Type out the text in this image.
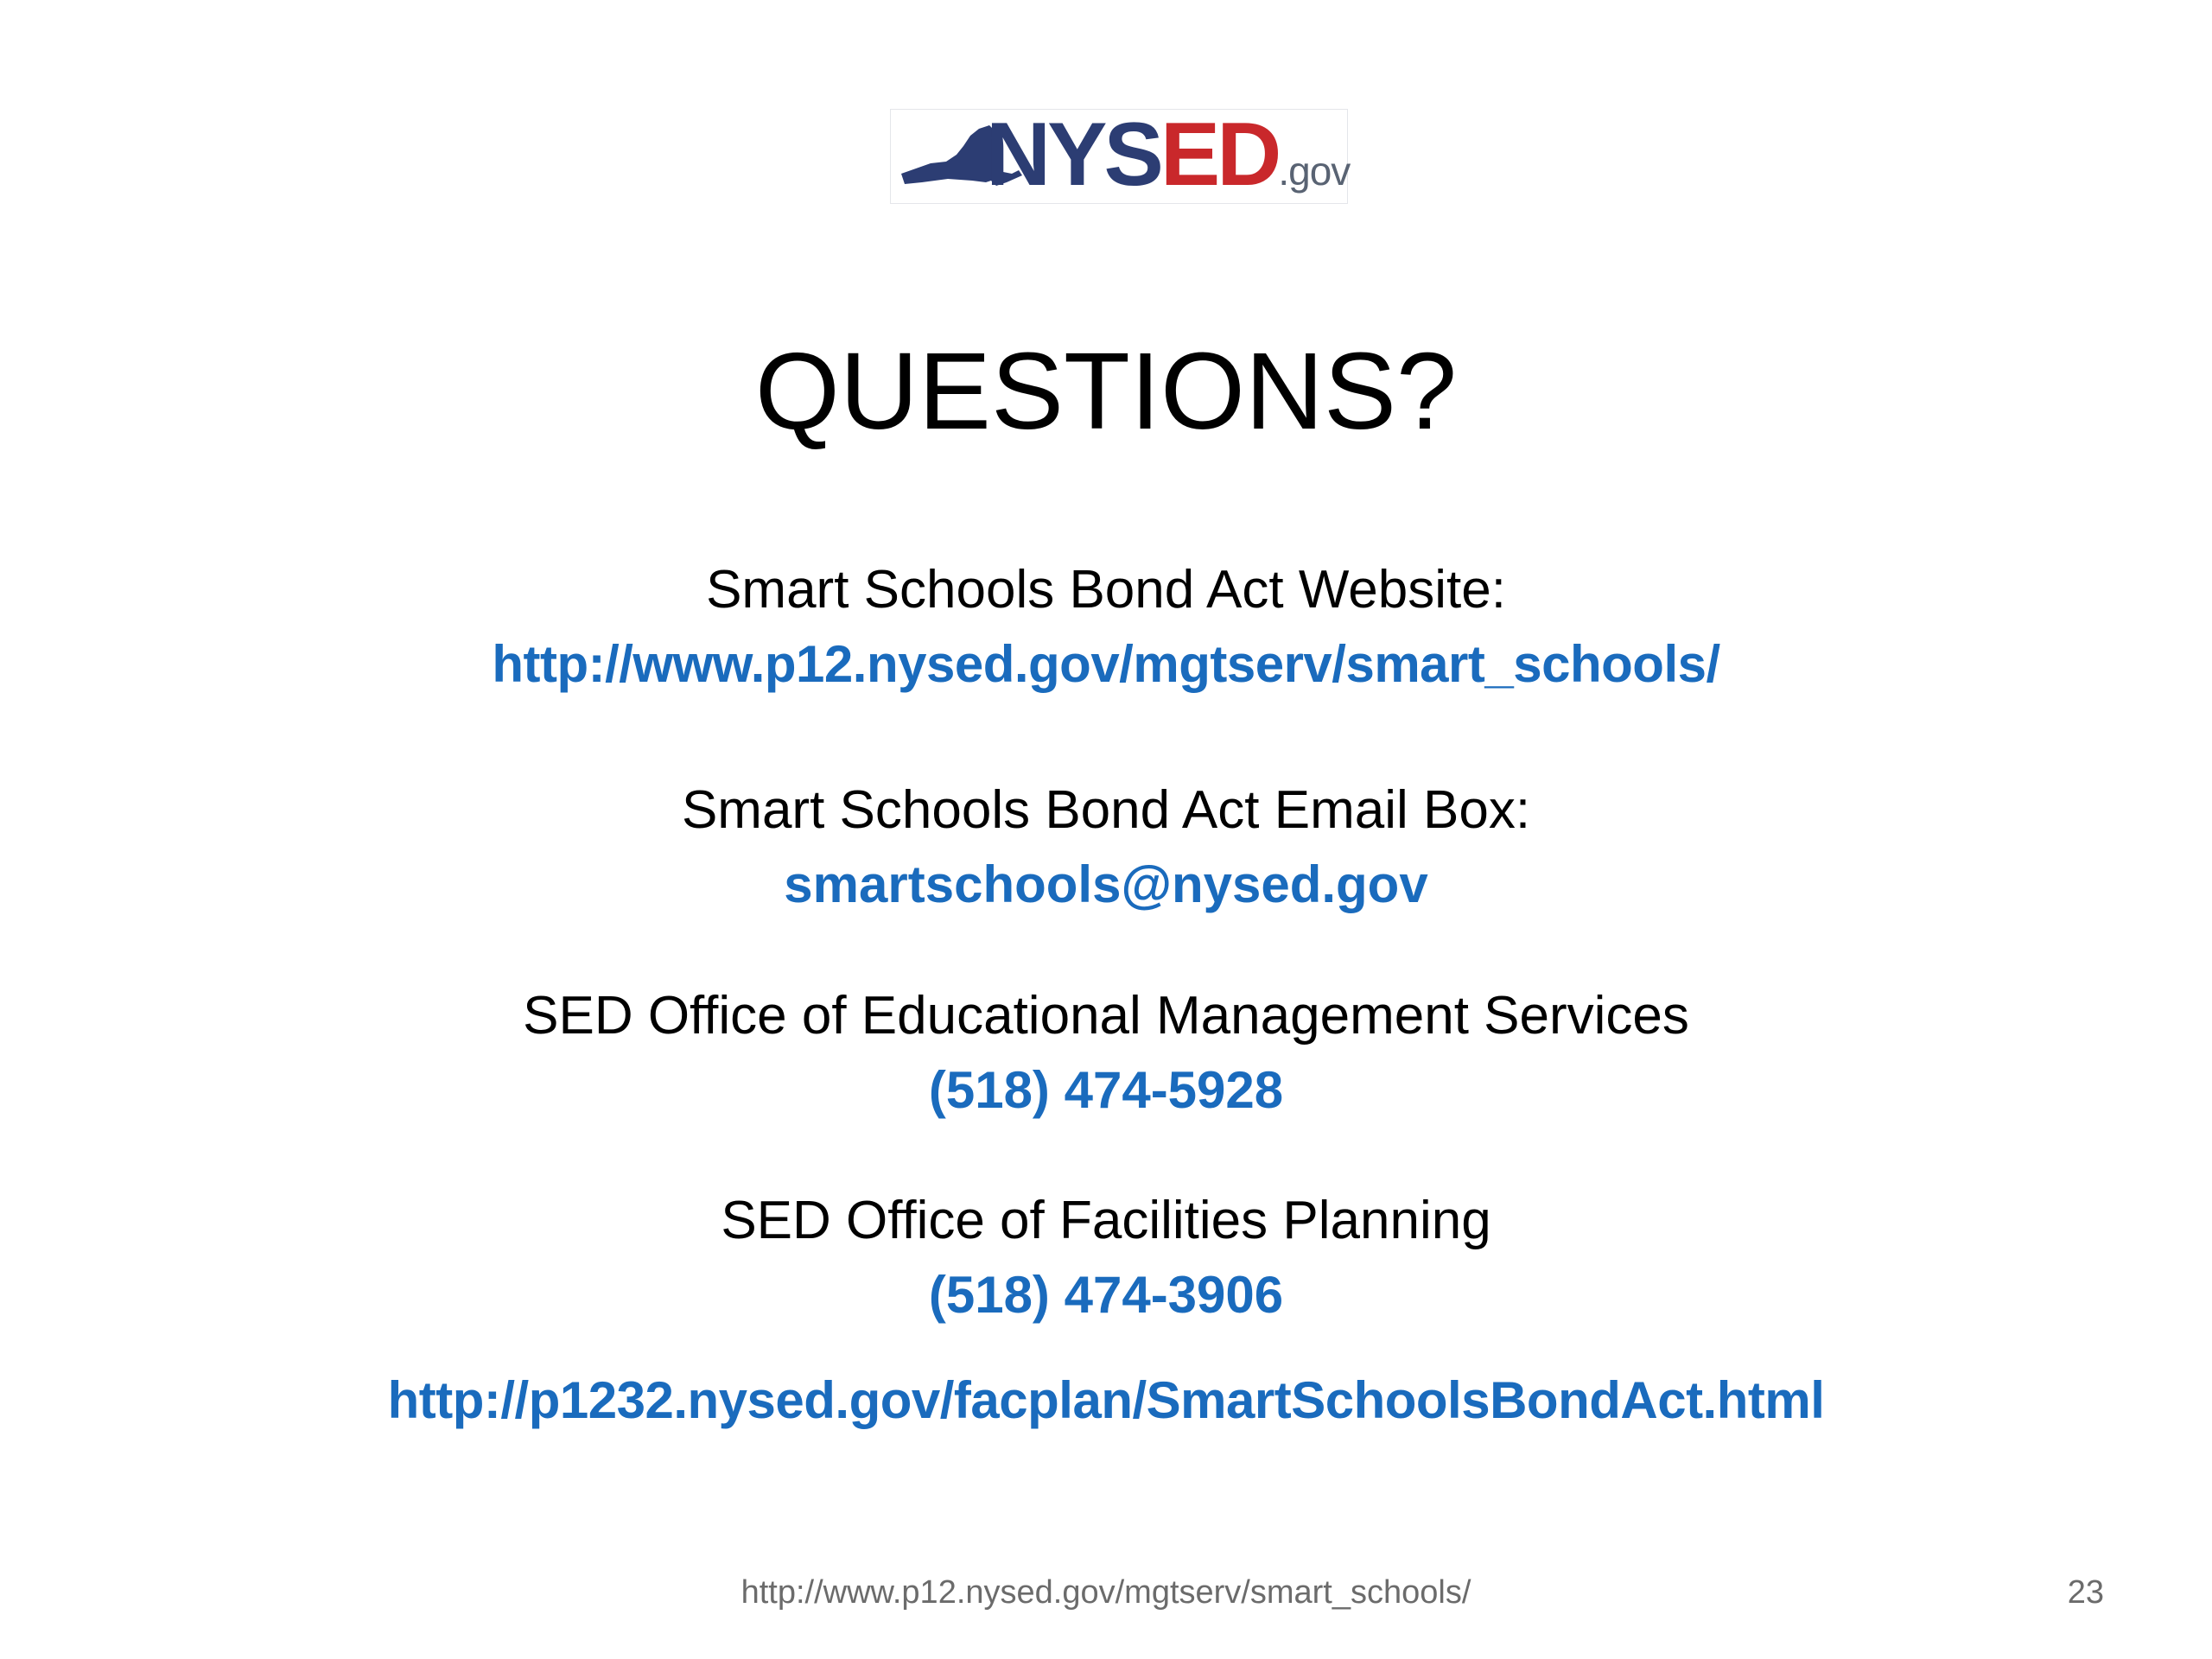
NYSED.gov
QUESTIONS?
Smart Schools Bond Act Website:
http://www.p12.nysed.gov/mgtserv/smart_schools/
Smart Schools Bond Act Email Box:
smartschools@nysed.gov
SED Office of Educational Management Services
(518) 474-5928
SED Office of Facilities Planning
(518) 474-3906
http://p1232.nysed.gov/facplan/SmartSchoolsBondAct.html
http://www.p12.nysed.gov/mgtserv/smart_schools/	23
